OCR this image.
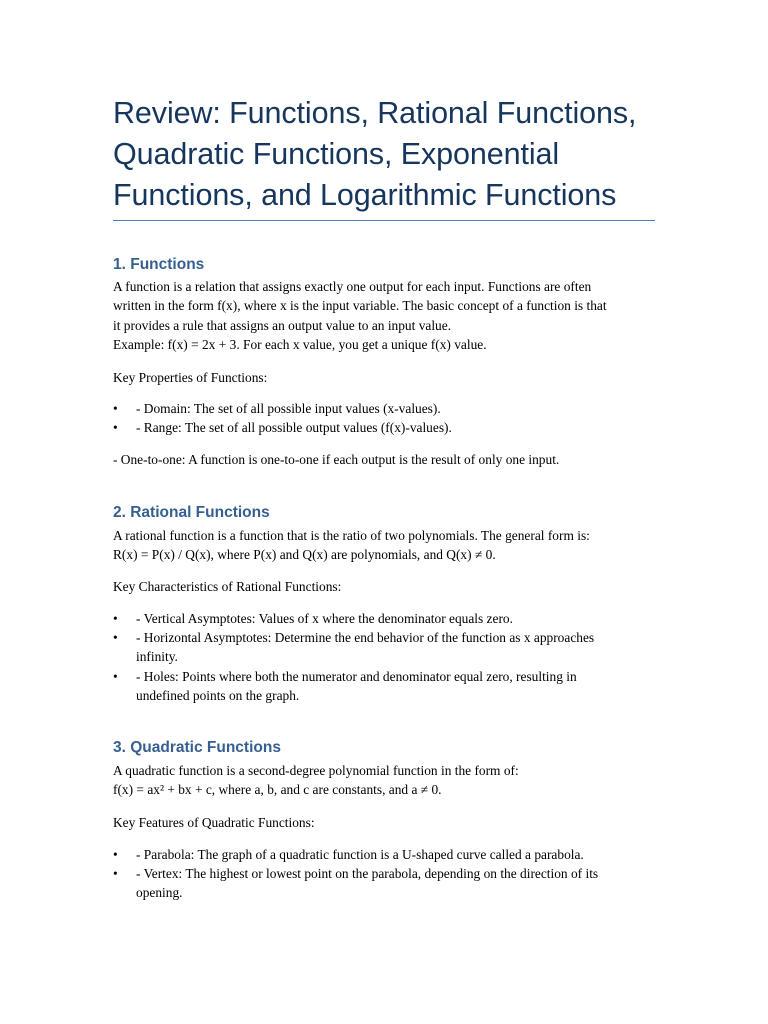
Review: Functions, Rational Functions, Quadratic Functions, Exponential Functions, and Logarithmic Functions
1. Functions
A function is a relation that assigns exactly one output for each input. Functions are often
written in the form f(x), where x is the input variable. The basic concept of a function is that
it provides a rule that assigns an output value to an input value.
Example: f(x) = 2x + 3. For each x value, you get a unique f(x) value.

Key Properties of Functions:

•	- Domain: The set of all possible input values (x-values).
•	- Range: The set of all possible output values (f(x)-values).

- One-to-one: A function is one-to-one if each output is the result of only one input.

2. Rational Functions
A rational function is a function that is the ratio of two polynomials. The general form is:
R(x) = P(x) / Q(x), where P(x) and Q(x) are polynomials, and Q(x) ≠ 0.

Key Characteristics of Rational Functions:

•	- Vertical Asymptotes: Values of x where the denominator equals zero.
•	- Horizontal Asymptotes: Determine the end behavior of the function as x approaches infinity.
•	- Holes: Points where both the numerator and denominator equal zero, resulting in undefined points on the graph.
3. Quadratic Functions
A quadratic function is a second-degree polynomial function in the form of:
f(x) = ax² + bx + c, where a, b, and c are constants, and a ≠ 0.

Key Features of Quadratic Functions:

•	- Parabola: The graph of a quadratic function is a U-shaped curve called a parabola.
•	- Vertex: The highest or lowest point on the parabola, depending on the direction of its opening.
